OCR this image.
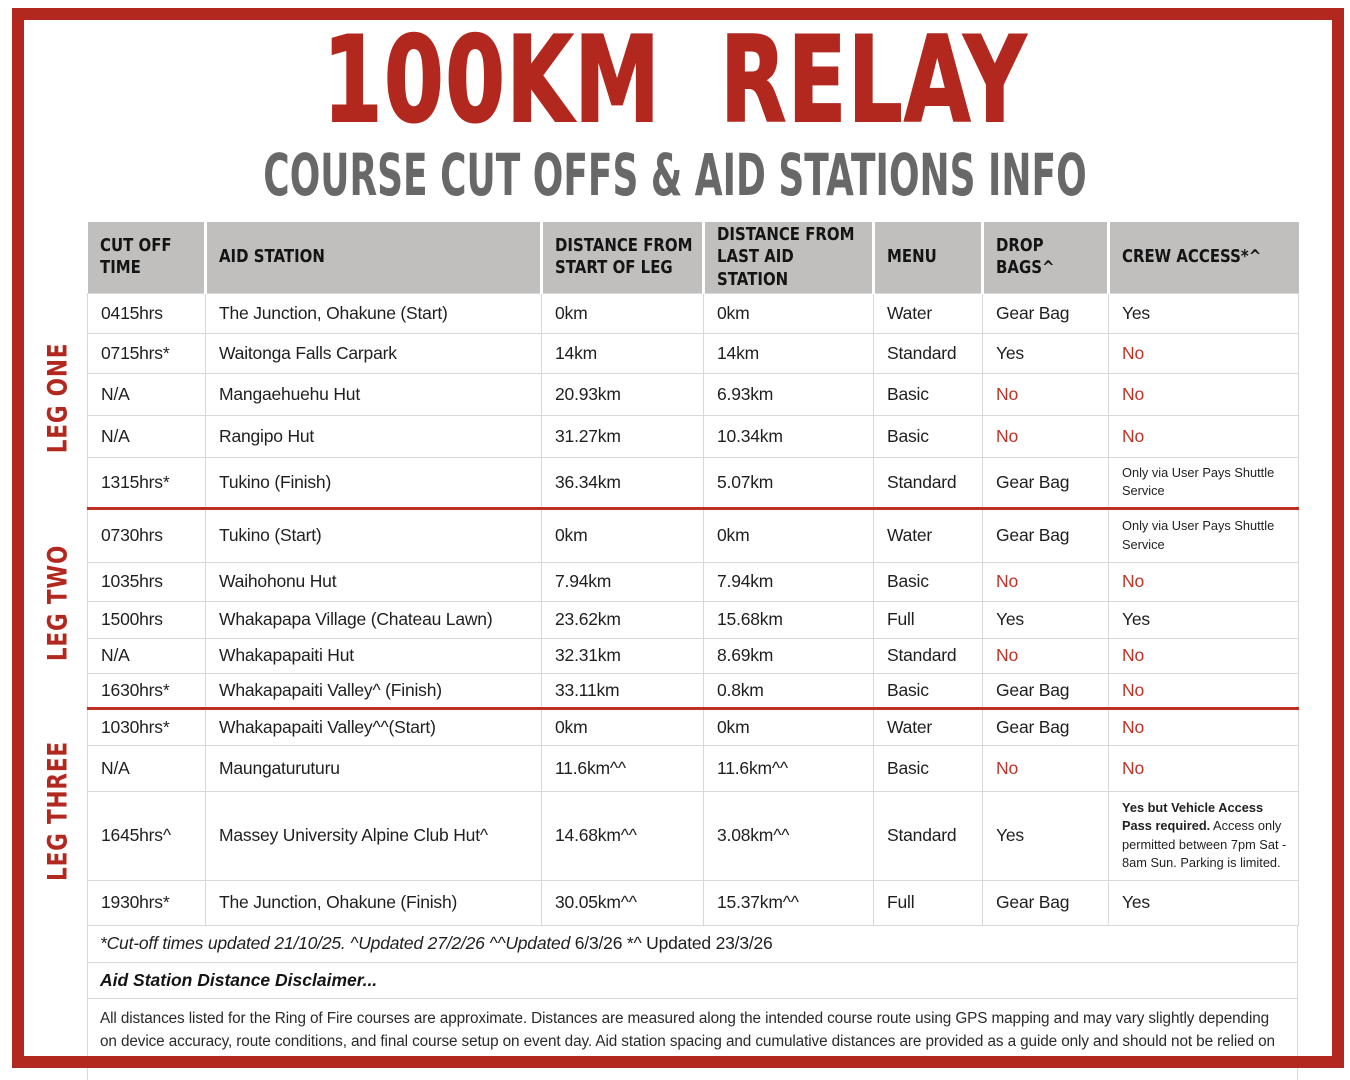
100KM RELAY
COURSE CUT OFFS & AID STATIONS INFO
LEG ONE
LEG TWO
LEG THREE
CUT OFF TIME	AID STATION	DISTANCE FROM START OF LEG	DISTANCE FROM LAST AID STATION	MENU	DROP BAGS^	CREW ACCESS*^

0415hrs	The Junction, Ohakune (Start)	0km	0km	Water	Gear Bag	Yes
0715hrs*	Waitonga Falls Carpark	14km	14km	Standard	Yes	No
N/A	Mangaehuehu Hut	20.93km	6.93km	Basic	No	No
N/A	Rangipo Hut	31.27km	10.34km	Basic	No	No
1315hrs*	Tukino (Finish)	36.34km	5.07km	Standard	Gear Bag	Only via User Pays Shuttle Service
0730hrs	Tukino (Start)	0km	0km	Water	Gear Bag	Only via User Pays Shuttle Service
1035hrs	Waihohonu Hut	7.94km	7.94km	Basic	No	No
1500hrs	Whakapapa Village (Chateau Lawn)	23.62km	15.68km	Full	Yes	Yes
N/A	Whakapapaiti Hut	32.31km	8.69km	Standard	No	No
1630hrs*	Whakapapaiti Valley^ (Finish)	33.11km	0.8km	Basic	Gear Bag	No
1030hrs*	Whakapapaiti Valley^^(Start)	0km	0km	Water	Gear Bag	No
N/A	Maungaturuturu	11.6km^^	11.6km^^	Basic	No	No
1645hrs^	Massey University Alpine Club Hut^	14.68km^^	3.08km^^	Standard	Yes	Yes but Vehicle Access Pass required. Access only permitted between 7pm Sat - 8am Sun. Parking is limited.
1930hrs*	The Junction, Ohakune (Finish)	30.05km^^	15.37km^^	Full	Gear Bag	Yes
*Cut-off times updated 21/10/25. ^Updated 27/2/26 ^^Updated 6/3/26 *^ Updated 23/3/26
Aid Station Distance Disclaimer...
All distances listed for the Ring of Fire courses are approximate. Distances are measured along the intended course route using GPS mapping and may vary slightly depending on device accuracy, route conditions, and final course setup on event day. Aid station spacing and cumulative distances are provided as a guide only and should not be relied on as exact measurements.
